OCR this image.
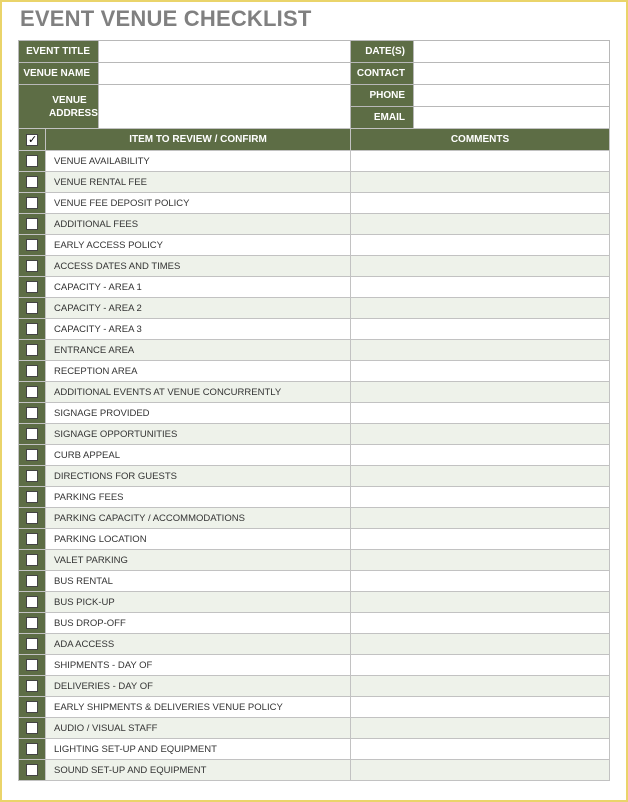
EVENT VENUE CHECKLIST
EVENT TITLE		DATE(S)	
VENUE NAME		CONTACT	
VENUE ADDRESS		PHONE	
		EMAIL	
✓	ITEM TO REVIEW / CONFIRM	COMMENTS
	VENUE AVAILABILITY	
	VENUE RENTAL FEE	
	VENUE FEE DEPOSIT POLICY	
	ADDITIONAL FEES	
	EARLY ACCESS POLICY	
	ACCESS DATES AND TIMES	
	CAPACITY - AREA 1	
	CAPACITY - AREA 2	
	CAPACITY - AREA 3	
	ENTRANCE AREA	
	RECEPTION AREA	
	ADDITIONAL EVENTS AT VENUE CONCURRENTLY	
	SIGNAGE PROVIDED	
	SIGNAGE OPPORTUNITIES	
	CURB APPEAL	
	DIRECTIONS FOR GUESTS	
	PARKING FEES	
	PARKING CAPACITY / ACCOMMODATIONS	
	PARKING LOCATION	
	VALET PARKING	
	BUS RENTAL	
	BUS PICK-UP	
	BUS DROP-OFF	
	ADA ACCESS	
	SHIPMENTS - DAY OF	
	DELIVERIES - DAY OF	
	EARLY SHIPMENTS & DELIVERIES VENUE POLICY	
	AUDIO / VISUAL STAFF	
	LIGHTING SET-UP AND EQUIPMENT	
	SOUND SET-UP AND EQUIPMENT	
